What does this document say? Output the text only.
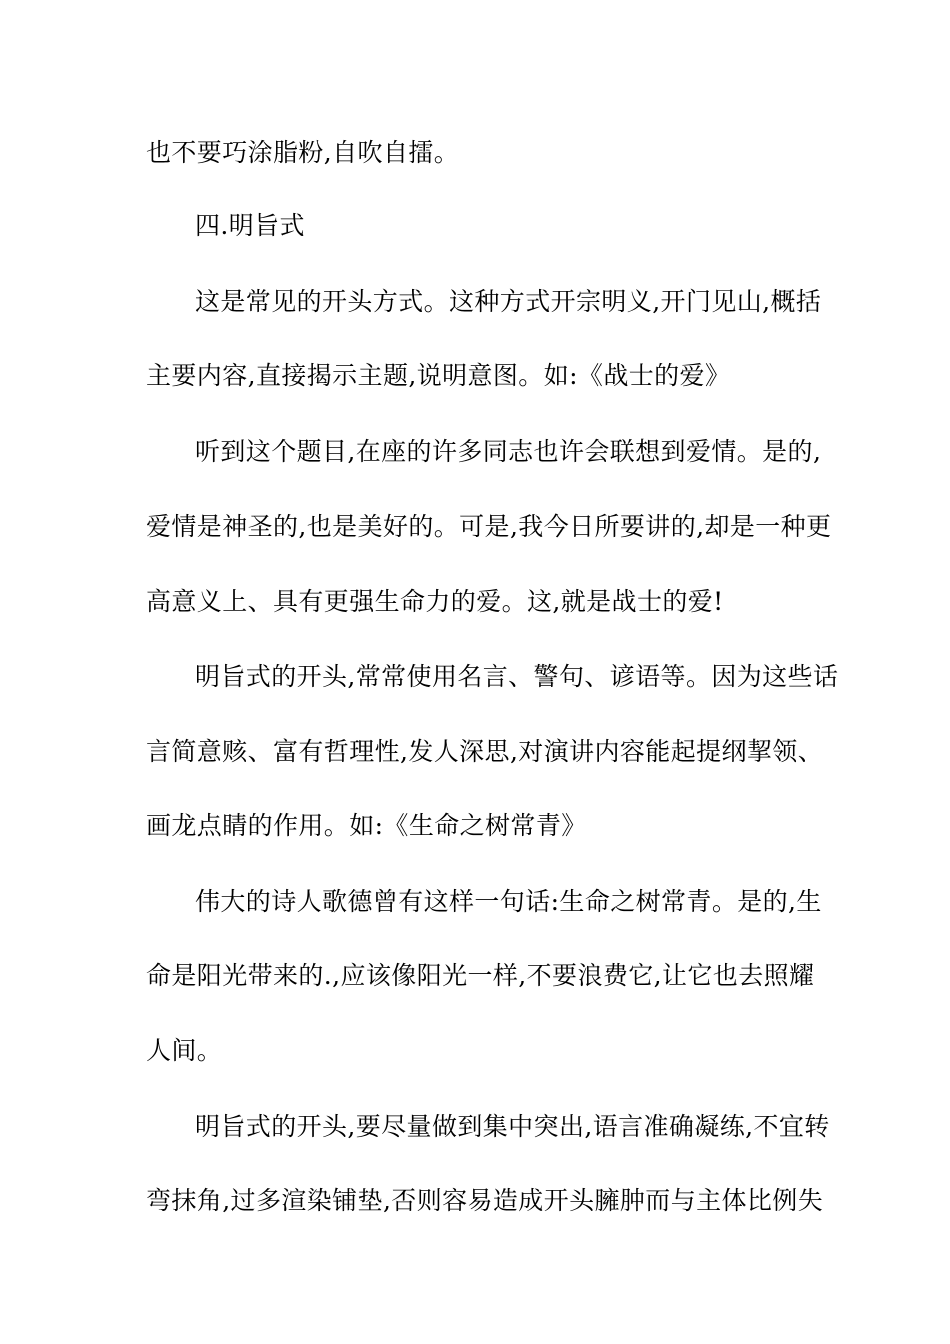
也不要巧涂脂粉,自吹自擂。
四.明旨式
这是常见的开头方式。这种方式开宗明义,开门见山,概括
主要内容,直接揭示主题,说明意图。如:《战士的爱》
听到这个题目,在座的许多同志也许会联想到爱情。是的,
爱情是神圣的,也是美好的。可是,我今日所要讲的,却是一种更
高意义上、具有更强生命力的爱。这,就是战士的爱!
明旨式的开头,常常使用名言、警句、谚语等。因为这些话
言简意赅、富有哲理性,发人深思,对演讲内容能起提纲挈领、
画龙点睛的作用。如:《生命之树常青》
伟大的诗人歌德曾有这样一句话:生命之树常青。是的,生
命是阳光带来的.,应该像阳光一样,不要浪费它,让它也去照耀
人间。
明旨式的开头,要尽量做到集中突出,语言准确凝练,不宜转
弯抹角,过多渲染铺垫,否则容易造成开头臃肿而与主体比例失
